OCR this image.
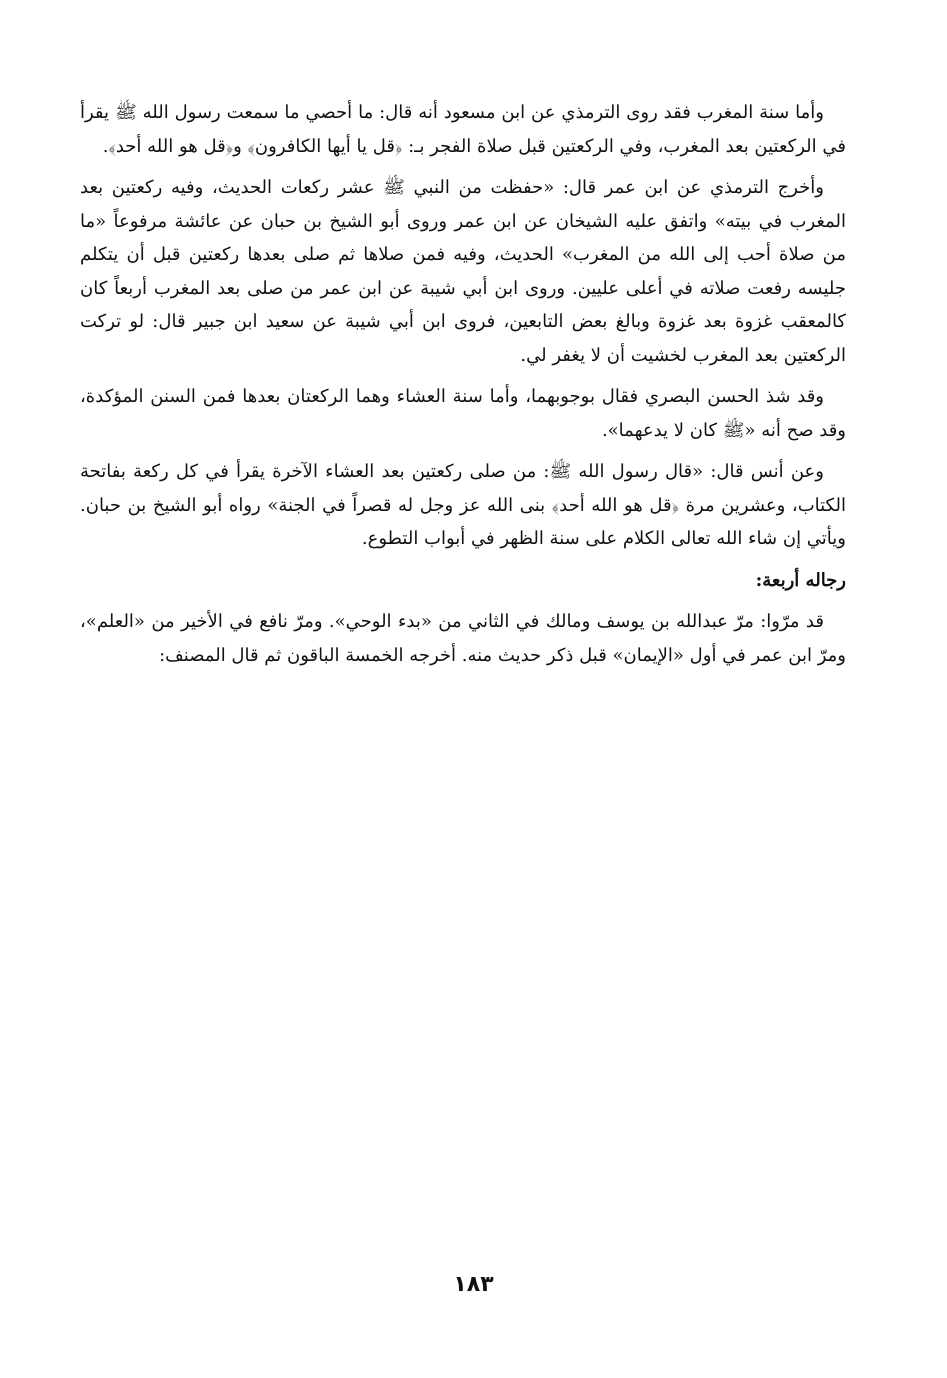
وأما سنة المغرب فقد روى الترمذي عن ابن مسعود أنه قال: ما أحصي ما سمعت رسول الله ﷺ يقرأ في الركعتين بعد المغرب، وفي الركعتين قبل صلاة الفجر بـ: ﴿قل يا أيها الكافرون﴾ و﴿قل هو الله أحد﴾.

وأخرج الترمذي عن ابن عمر قال: «حفظت من النبي ﷺ عشر ركعات الحديث، وفيه ركعتين بعد المغرب في بيته» واتفق عليه الشيخان عن ابن عمر وروى أبو الشيخ بن حبان عن عائشة مرفوعاً «ما من صلاة أحب إلى الله من المغرب» الحديث، وفيه فمن صلاها ثم صلى بعدها ركعتين قبل أن يتكلم جليسه رفعت صلاته في أعلى عليين. وروى ابن أبي شيبة عن ابن عمر من صلى بعد المغرب أربعاً كان كالمعقب غزوة بعد غزوة وبالغ بعض التابعين، فروى ابن أبي شيبة عن سعيد ابن جبير قال: لو تركت الركعتين بعد المغرب لخشيت أن لا يغفر لي.

وقد شذ الحسن البصري فقال بوجوبهما، وأما سنة العشاء وهما الركعتان بعدها فمن السنن المؤكدة، وقد صح أنه «ﷺ كان لا يدعهما».

وعن أنس قال: «قال رسول الله ﷺ: من صلى ركعتين بعد العشاء الآخرة يقرأ في كل ركعة بفاتحة الكتاب، وعشرين مرة ﴿قل هو الله أحد﴾ بنى الله عز وجل له قصراً في الجنة» رواه أبو الشيخ بن حبان. ويأتي إن شاء الله تعالى الكلام على سنة الظهر في أبواب التطوع.

رجاله أربعة:

قد مرّوا: مرّ عبدالله بن يوسف ومالك في الثاني من «بدء الوحي». ومرّ نافع في الأخير من «العلم»، ومرّ ابن عمر في أول «الإيمان» قبل ذكر حديث منه. أخرجه الخمسة الباقون ثم قال المصنف:

١٨٣
